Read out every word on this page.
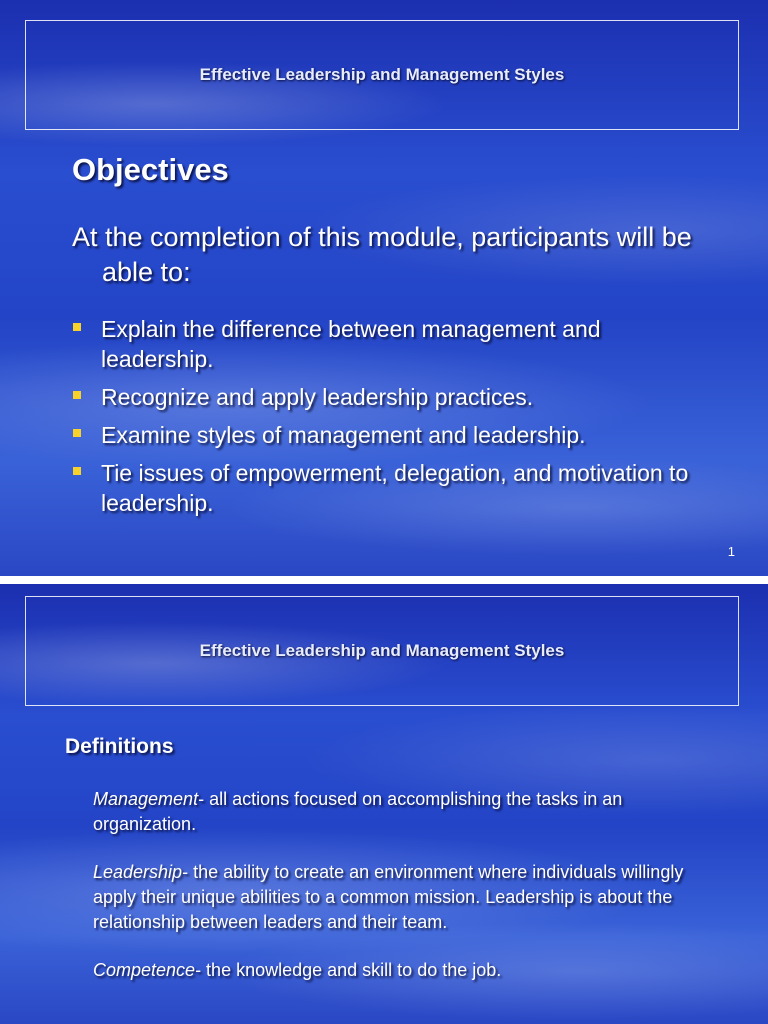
Effective Leadership and Management Styles
Objectives
At the completion of this module, participants will be able to:
Explain the difference between management and leadership.
Recognize and apply leadership practices.
Examine styles of management and leadership.
Tie issues of empowerment, delegation, and motivation to leadership.
1
Effective Leadership and Management Styles
Definitions
Management- all actions focused on accomplishing the tasks in an organization.
Leadership- the ability to create an environment where individuals willingly apply their unique abilities to a common mission. Leadership is about the relationship between leaders and their team.
Competence- the knowledge and skill to do the job.
